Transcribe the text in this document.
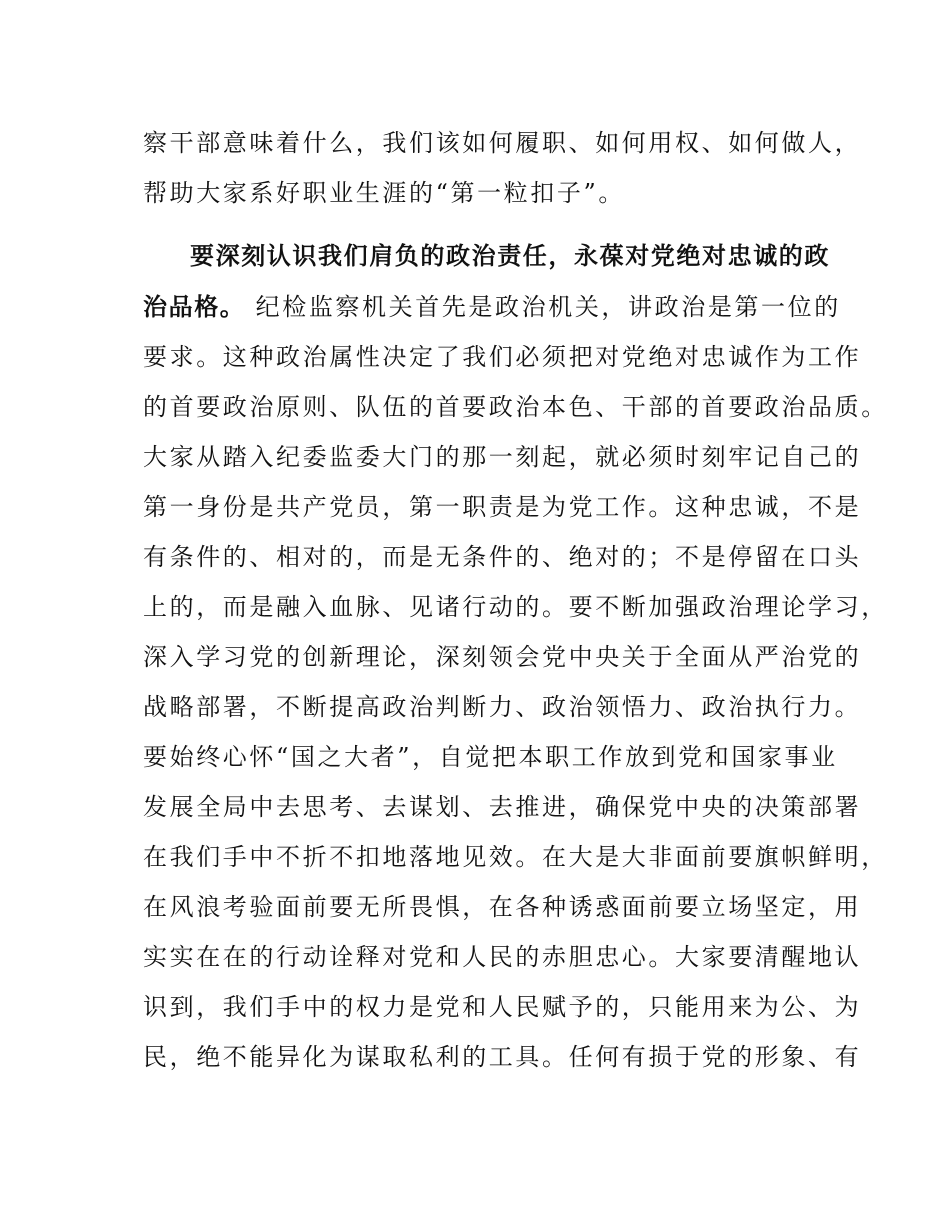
察干部意味着什么，我们该如何履职、如何用权、如何做人，
帮助大家系好职业生涯的“第一粒扣子”。
要深刻认识我们肩负的政治责任，永葆对党绝对忠诚的政
治品格。 纪检监察机关首先是政治机关，讲政治是第一位的
要求。这种政治属性决定了我们必须把对党绝对忠诚作为工作
的首要政治原则、队伍的首要政治本色、干部的首要政治品质。
大家从踏入纪委监委大门的那一刻起，就必须时刻牢记自己的
第一身份是共产党员，第一职责是为党工作。这种忠诚，不是
有条件的、相对的，而是无条件的、绝对的；不是停留在口头
上的，而是融入血脉、见诸行动的。要不断加强政治理论学习，
深入学习党的创新理论，深刻领会党中央关于全面从严治党的
战略部署，不断提高政治判断力、政治领悟力、政治执行力。
要始终心怀“国之大者”，自觉把本职工作放到党和国家事业
发展全局中去思考、去谋划、去推进，确保党中央的决策部署
在我们手中不折不扣地落地见效。在大是大非面前要旗帜鲜明，
在风浪考验面前要无所畏惧，在各种诱惑面前要立场坚定，用
实实在在的行动诠释对党和人民的赤胆忠心。大家要清醒地认
识到，我们手中的权力是党和人民赋予的，只能用来为公、为
民，绝不能异化为谋取私利的工具。任何有损于党的形象、有
